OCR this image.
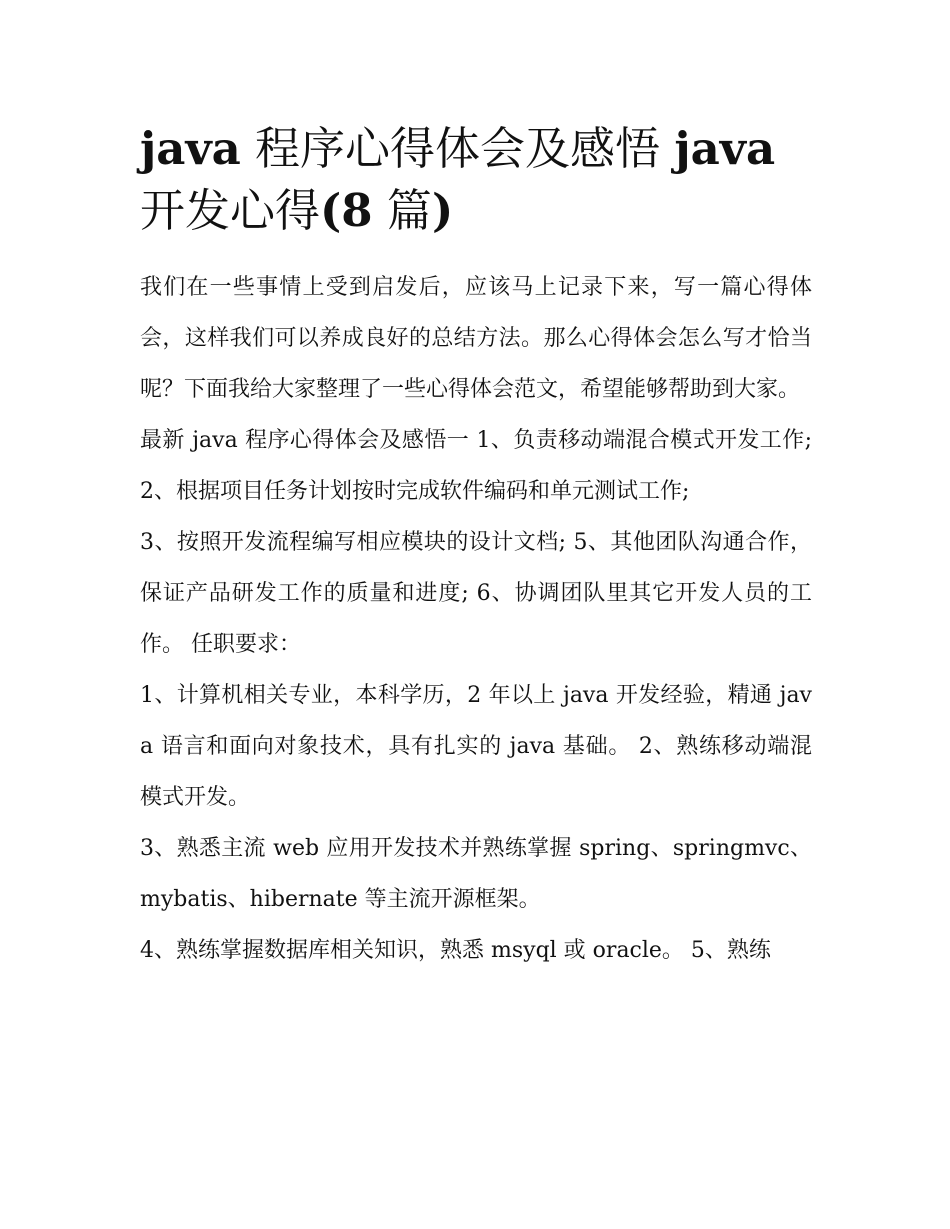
java 程序心得体会及感悟 java 开发心得(8 篇)

我们在一些事情上受到启发后，应该马上记录下来，写一篇心得体会，这样我们可以养成良好的总结方法。那么心得体会怎么写才恰当呢？下面我给大家整理了一些心得体会范文，希望能够帮助到大家。

最新 java 程序心得体会及感悟一 1、负责移动端混合模式开发工作; 2、根据项目任务计划按时完成软件编码和单元测试工作;

3、按照开发流程编写相应模块的设计文档; 5、其他团队沟通合作，保证产品研发工作的质量和进度; 6、协调团队里其它开发人员的工作。 任职要求：

1、计算机相关专业，本科学历，2 年以上 java 开发经验，精通 java 语言和面向对象技术，具有扎实的 java 基础。 2、熟练移动端混模式开发。

3、熟悉主流 web 应用开发技术并熟练掌握 spring、springmvc、mybatis、hibernate 等主流开源框架。

4、熟练掌握数据库相关知识，熟悉 msyql 或 oracle。 5、熟练
